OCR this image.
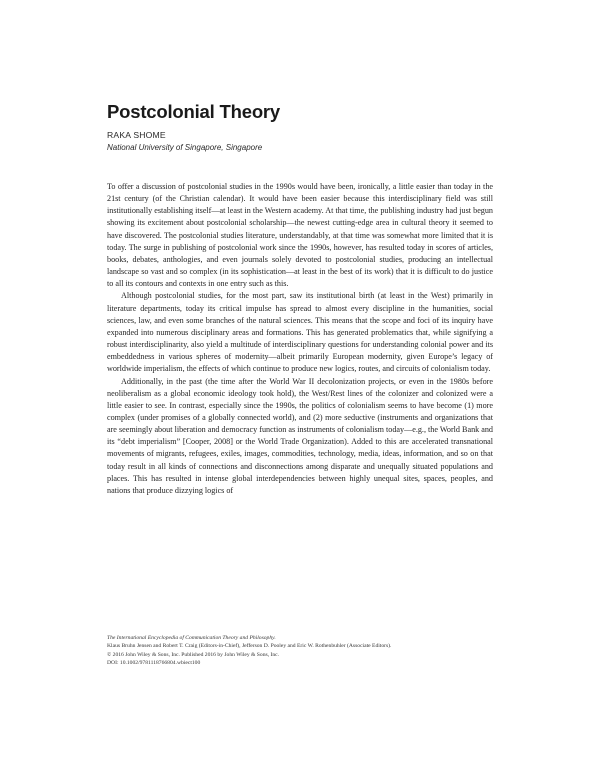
Postcolonial Theory
RAKA SHOME
National University of Singapore, Singapore

To offer a discussion of postcolonial studies in the 1990s would have been, ironically, a little easier than today in the 21st century (of the Christian calendar). It would have been easier because this interdisciplinary field was still institutionally establishing itself—at least in the Western academy. At that time, the publishing industry had just begun showing its excitement about postcolonial scholarship—the newest cutting-edge area in cultural theory it seemed to have discovered. The postcolonial studies literature, understandably, at that time was somewhat more limited that it is today. The surge in publishing of postcolonial work since the 1990s, however, has resulted today in scores of articles, books, debates, anthologies, and even journals solely devoted to postcolonial studies, producing an intellectual landscape so vast and so complex (in its sophistication—at least in the best of its work) that it is difficult to do justice to all its contours and contexts in one entry such as this.

Although postcolonial studies, for the most part, saw its institutional birth (at least in the West) primarily in literature departments, today its critical impulse has spread to almost every discipline in the humanities, social sciences, law, and even some branches of the natural sciences. This means that the scope and foci of its inquiry have expanded into numerous disciplinary areas and formations. This has generated problematics that, while signifying a robust interdisciplinarity, also yield a multitude of interdisciplinary questions for understanding colonial power and its embeddedness in various spheres of modernity—albeit primarily European modernity, given Europe’s legacy of worldwide imperialism, the effects of which continue to produce new logics, routes, and circuits of colonialism today.

Additionally, in the past (the time after the World War II decolonization projects, or even in the 1980s before neoliberalism as a global economic ideology took hold), the West/Rest lines of the colonizer and colonized were a little easier to see. In contrast, especially since the 1990s, the politics of colonialism seems to have become (1) more complex (under promises of a globally connected world), and (2) more seductive (instruments and organizations that are seemingly about liberation and democracy function as instruments of colonialism today—e.g., the World Bank and its “debt imperialism” [Cooper, 2008] or the World Trade Organization). Added to this are accelerated transnational movements of migrants, refugees, exiles, images, commodities, technology, media, ideas, information, and so on that today result in all kinds of connections and disconnections among disparate and unequally situated populations and places. This has resulted in intense global interdependencies between highly unequal sites, spaces, peoples, and nations that produce dizzying logics of

The International Encyclopedia of Communication Theory and Philosophy.
Klaus Bruhn Jensen and Robert T. Craig (Editors-in-Chief), Jefferson D. Pooley and Eric W. Rothenbuhler (Associate Editors).
© 2016 John Wiley & Sons, Inc. Published 2016 by John Wiley & Sons, Inc.
DOI: 10.1002/9781118766804.wbiect100
